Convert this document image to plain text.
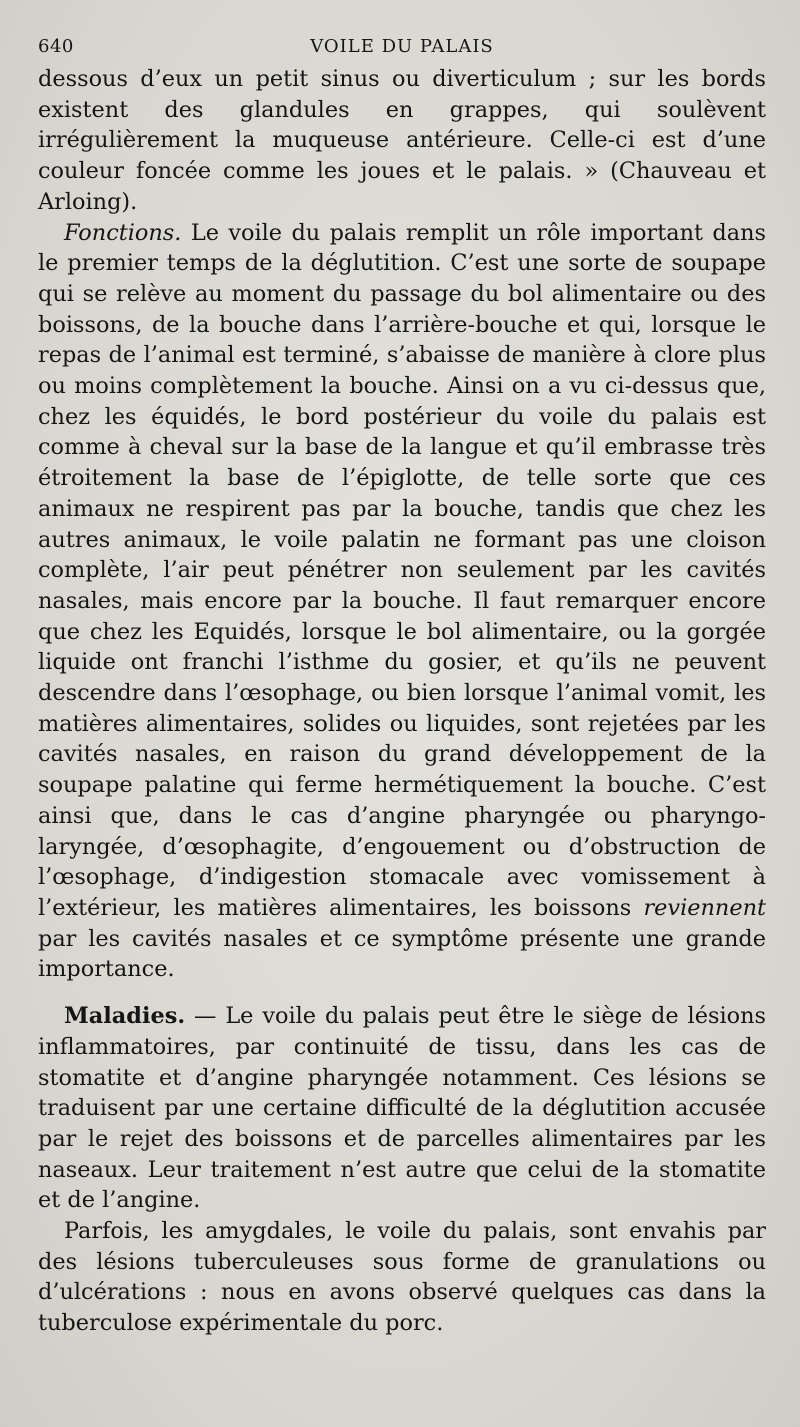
640	VOILE DU PALAIS

dessous d’eux un petit sinus ou diverticulum ; sur les bords existent des glandules en grappes, qui soulèvent irrégulièrement la muqueuse antérieure. Celle-ci est d’une couleur foncée comme les joues et le palais. » (Chauveau et Arloing).

Fonctions. Le voile du palais remplit un rôle important dans le premier temps de la déglutition. C’est une sorte de soupape qui se relève au moment du passage du bol alimentaire ou des boissons, de la bouche dans l’arrière-bouche et qui, lorsque le repas de l’animal est terminé, s’abaisse de manière à clore plus ou moins complètement la bouche. Ainsi on a vu ci-dessus que, chez les équidés, le bord postérieur du voile du palais est comme à cheval sur la base de la langue et qu’il embrasse très étroitement la base de l’épiglotte, de telle sorte que ces animaux ne respirent pas par la bouche, tandis que chez les autres animaux, le voile palatin ne formant pas une cloison complète, l’air peut pénétrer non seulement par les cavités nasales, mais encore par la bouche. Il faut remarquer encore que chez les Equidés, lorsque le bol alimentaire, ou la gorgée liquide ont franchi l’isthme du gosier, et qu’ils ne peuvent descendre dans l’œsophage, ou bien lorsque l’animal vomit, les matières alimentaires, solides ou liquides, sont rejetées par les cavités nasales, en raison du grand développement de la soupape palatine qui ferme hermétiquement la bouche. C’est ainsi que, dans le cas d’angine pharyngée ou pharyngo-laryngée, d’œsophagite, d’engouement ou d’obstruction de l’œsophage, d’indigestion stomacale avec vomissement à l’extérieur, les matières alimentaires, les boissons reviennent par les cavités nasales et ce symptôme présente une grande importance.

Maladies. — Le voile du palais peut être le siège de lésions inflammatoires, par continuité de tissu, dans les cas de stomatite et d’angine pharyngée notamment. Ces lésions se traduisent par une certaine difficulté de la déglutition accusée par le rejet des boissons et de parcelles alimentaires par les naseaux. Leur traitement n’est autre que celui de la stomatite et de l’angine.

Parfois, les amygdales, le voile du palais, sont envahis par des lésions tuberculeuses sous forme de granulations ou d’ulcérations : nous en avons observé quelques cas dans la tuberculose expérimentale du porc.
